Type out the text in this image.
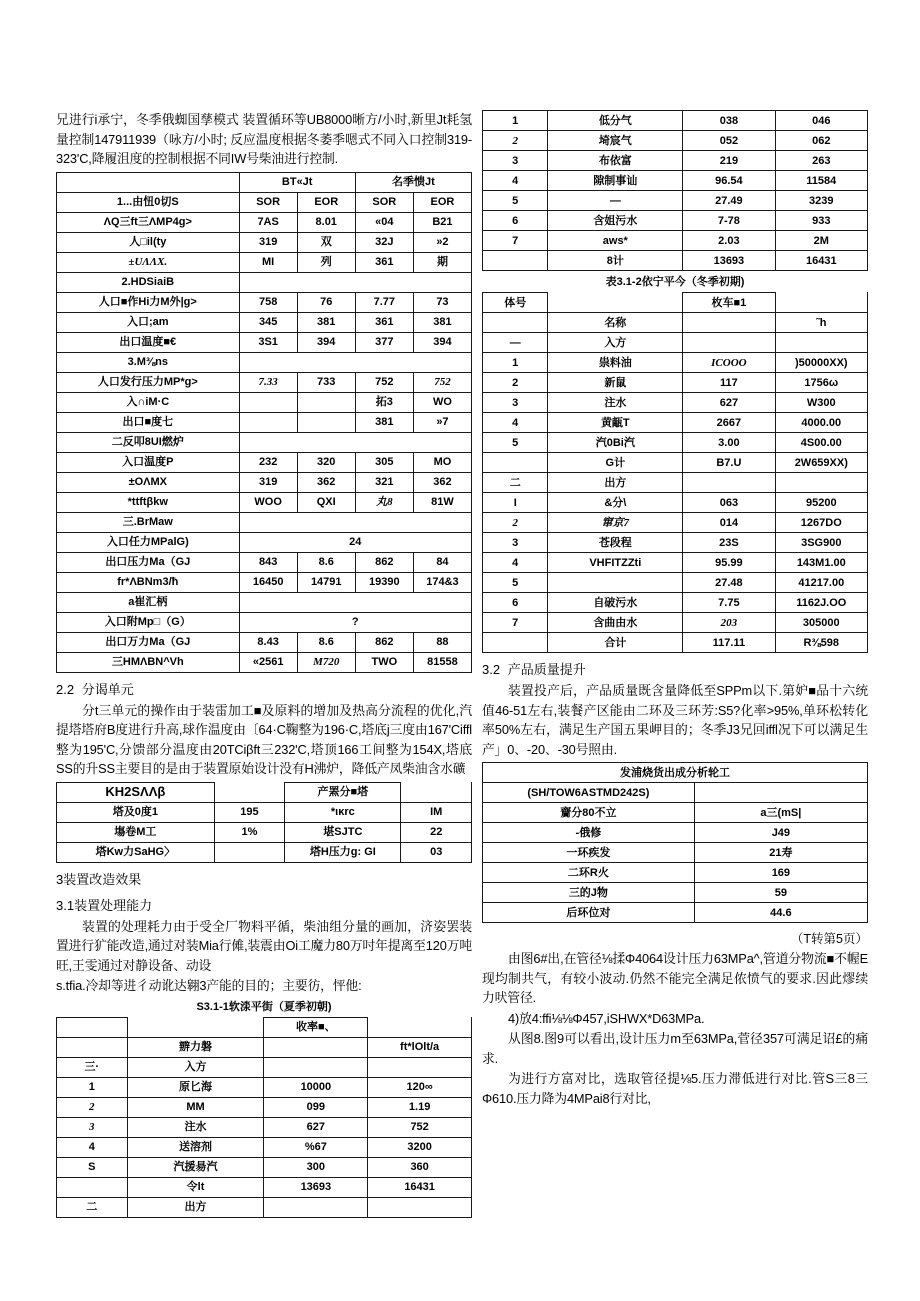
兄进行i承宁，冬季俄蜘国孳模式 装置循环等UB8000晰方/小时,新里Jt耗氢量控制147911939（咏方/小时; 反应温度根据冬萎季嗯式不同入口控制319-323'C,降履沮度的控制根据不同IW号柴油进行控制.

	BT«Jt		名季愦Jt	
1...由忸0切S	SOR	EOR	SOR	EOR
ΛQ三ft三ΛMP4g>	7AS	8.01	«04	B21
人□il(ty	319	双	32J	»2
±UΛΛX.	MI	列	361	期
2.HDSiaiB				
人口■作Hi力M外|g>	758	76	7.77	73
入口;am	345	381	361	381
出口温度■€	3S1	394	377	394
3.M⅜ns				
人口发行压力MP*g>	7.33	733	752	752
入∩iM·C			拓3	WO
出口■度七			381	»7
二反叩8UI燃炉				
入口温度P	232	320	305	MO
±OΛMX	319	362	321	362
*ttftβkw	WOO	QXI	丸8	81W
三.BrMaw				
入口任力MPalG)	24			
出口压力Ma（GJ	843	8.6	862	84
fr*ΛBNm3/ћ	16450	14791	19390	174&3
a崔汇柄				
入口附Mp□（G）	?			
出口万力Ma（GJ	8.43	8.6	862	88
三HMΛBN^Vh	«2561	M720	TWO	81558
2.2 分谒单元

分t三单元的操作由于装雷加工■及原料的增加及热高分流程的优化,汽提塔塔府B度进行升高,球作温度由〔64·C鞠整为196·C,塔底j三度由167'Ciffl整为195'C,分馈部分温度由20TCiβft三232'C,塔顶166工间整为154X,塔底SS的升SS主要目的是由于装置原始设计没有H沸炉，降低产凤柴油含水礦

KH2SΛΛβ		产罴分■塔	
塔及0度1	195	*ικrc	IM
塲卷M工	1%	堪SJTC	22
塔Kw力SaHG〉		塔H压力g: GI	03
3装置改造效果
3.1装置处理能力

装置的处理耗力由于受全厂物料平循，柴油组分量的画加，济姿罢装置进行犷能改造,通过对装Mia行傩,装震由Oi工魔力80万吋年提离至120万吨旺,王雯通过对静设备、动设

s.tfia.冷却等进彳动讹达翱3产能的目的；主要彷，怦他:

S3.1-1软渁平街（夏季初朝)
		收率■、	
	辧力磐		ft*lOlt/a
三·	入方		
1	原匕海	10000	120∞
2	MM	099	1.19
3	注水	627	752
4	送溶剂	%67	3200
S	汽援昜汽	300	360
	令lt	13693	16431
二	出方		
1	低分气	038	046
2	埼宸气	052	062
3	布依富	219	263
4	隙制事讪	96.54	11584
5	—	27.49	3239
6	含姐污水	7-78	933
7	aws*	2.03	2M
	8计	13693	16431
表3.1-2依宁平今（冬季初期)
体号		枚车■1	
	名称		˜h
—	入方		
1	祟料油	ICOOO	)50000XX)
2	新鼠	117	1756ω
3	注水	627	W300
4	黄甋T	2667	4000.00
5	汽0Bi汽	3.00	4S00.00
	G计	B7.U	2W659XX)
二	出方		
I	&分\	063	95200
2	窜京7	014	1267DO
3	苍段程	23S	3SG900
4	VHFITZZti	95.99	143M1.00
5		27.48	41217.00
6	自破污水	7.75	1162J.OO
7	含曲由水	203	305000
	合计	117.11	R⅜598
3.2 产品质量提升

装置投产后，产品质量既含量降低至SPPm以下.第妒■品十六统值46-51左右,装餐产区能由二环及三环芳:S5?化率>95%,单环松转化率50%左右，满足生产国五果岬目的；冬季J3兄回iffl况下可以满足生产」0、-20、-30号照由.

发浦烧货出成分析轮工	
(SH/TOW6ASTMD242S)	
齎分80不立	a三(mS|
-俄修	J49
一环疾发	21寿
二环R火	169
三的J物	59
后环位对	44.6
（T转第5页）

由图6#出,在管径⅛揉Φ4064设计压力63MPa^,管道分物流■不幄E现均制共气，有较小波动.仍然不能完全满足侬愤气的要求.因此熮续力吠管径.

4)放4:ffi⅛⅛Φ457,iSHWX*D63MPa.

从图8.图9可以看出,设计压力m至63MPa,菅径357可满足诏£的痛求.

为进行方富对比，选取管径提⅛5.压力滞低进行对比.管S三8三Φ610.压力降为4MPai8行对比,
